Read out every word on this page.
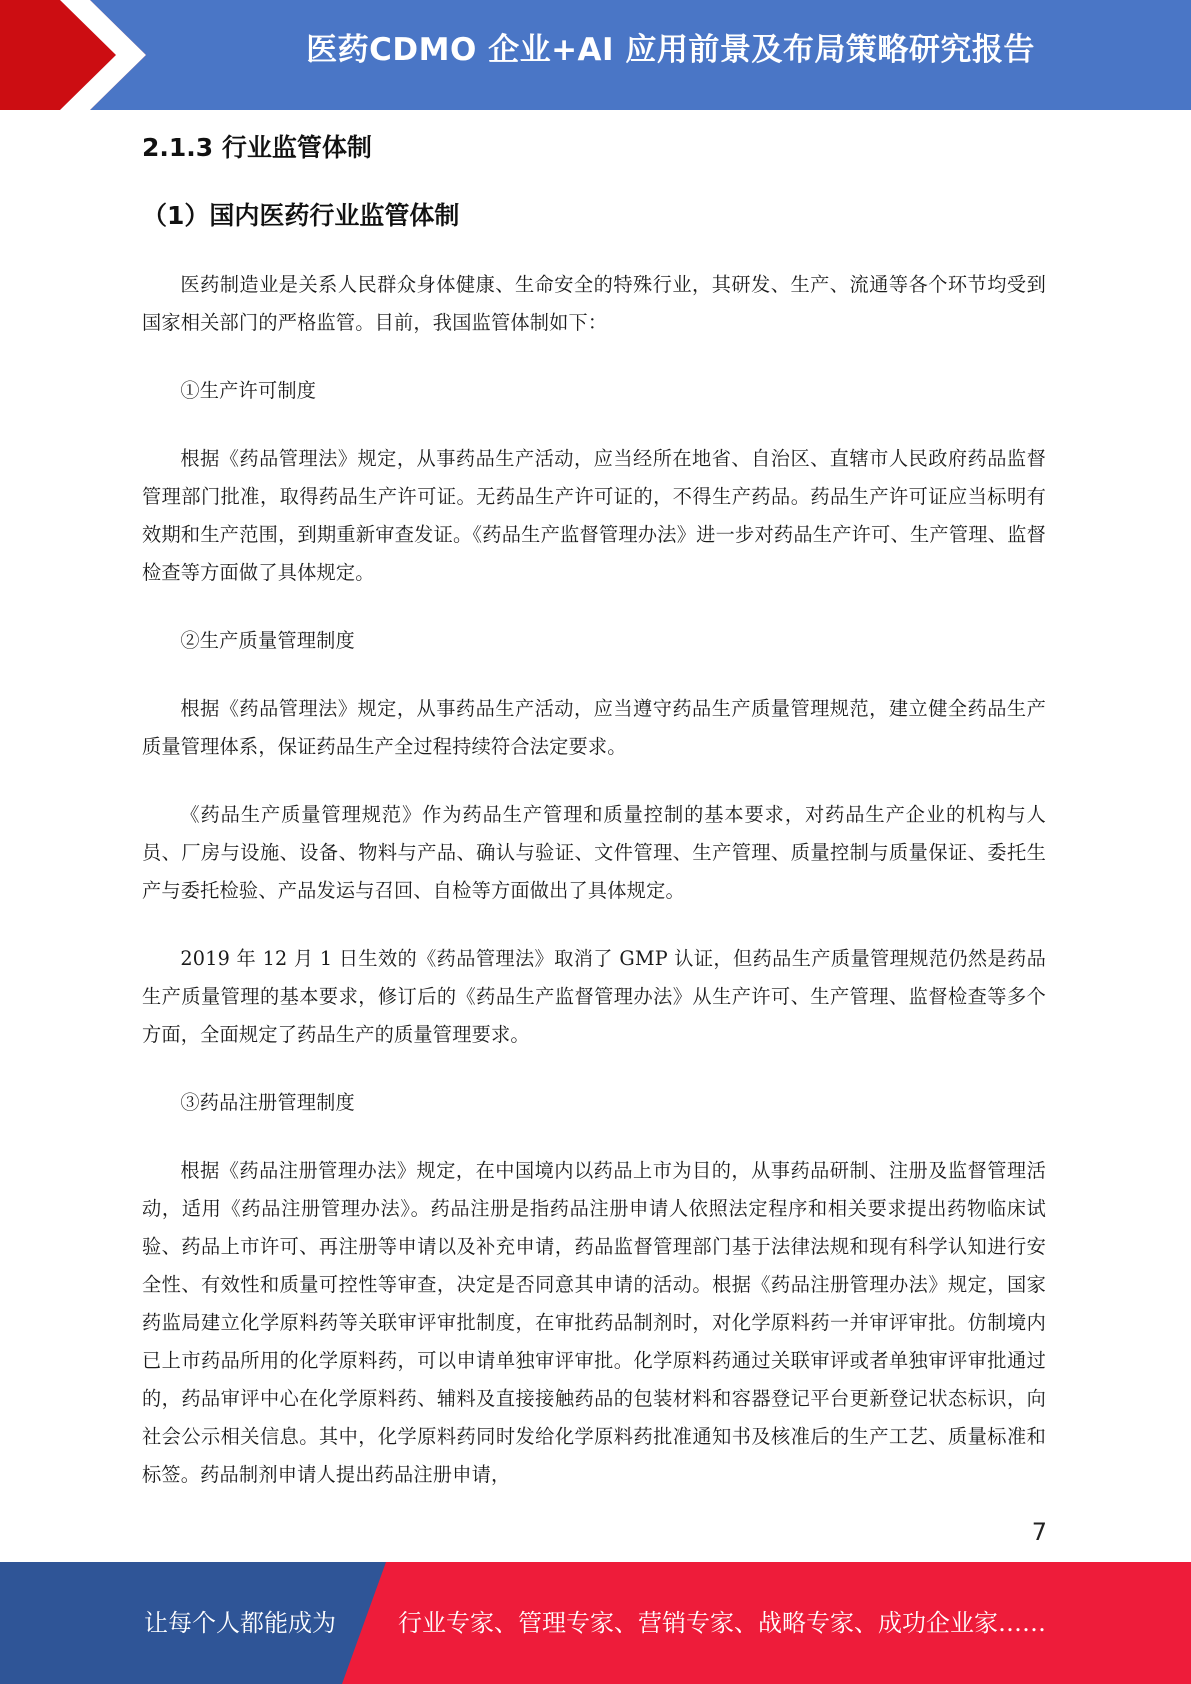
医药CDMO 企业+AI 应用前景及布局策略研究报告
2.1.3 行业监管体制
（1）国内医药行业监管体制

医药制造业是关系人民群众身体健康、生命安全的特殊行业，其研发、生产、流通等各个环节均受到国家相关部门的严格监管。目前，我国监管体制如下：

①生产许可制度

根据《药品管理法》规定，从事药品生产活动，应当经所在地省、自治区、直辖市人民政府药品监督管理部门批准，取得药品生产许可证。无药品生产许可证的，不得生产药品。药品生产许可证应当标明有效期和生产范围，到期重新审查发证。《药品生产监督管理办法》进一步对药品生产许可、生产管理、监督检查等方面做了具体规定。

②生产质量管理制度

根据《药品管理法》规定，从事药品生产活动，应当遵守药品生产质量管理规范，建立健全药品生产质量管理体系，保证药品生产全过程持续符合法定要求。

《药品生产质量管理规范》作为药品生产管理和质量控制的基本要求，对药品生产企业的机构与人员、厂房与设施、设备、物料与产品、确认与验证、文件管理、生产管理、质量控制与质量保证、委托生产与委托检验、产品发运与召回、自检等方面做出了具体规定。

2019 年 12 月 1 日生效的《药品管理法》取消了 GMP 认证，但药品生产质量管理规范仍然是药品生产质量管理的基本要求，修订后的《药品生产监督管理办法》从生产许可、生产管理、监督检查等多个方面，全面规定了药品生产的质量管理要求。

③药品注册管理制度

根据《药品注册管理办法》规定，在中国境内以药品上市为目的，从事药品研制、注册及监督管理活动，适用《药品注册管理办法》。药品注册是指药品注册申请人依照法定程序和相关要求提出药物临床试验、药品上市许可、再注册等申请以及补充申请，药品监督管理部门基于法律法规和现有科学认知进行安全性、有效性和质量可控性等审查，决定是否同意其申请的活动。根据《药品注册管理办法》规定，国家药监局建立化学原料药等关联审评审批制度，在审批药品制剂时，对化学原料药一并审评审批。仿制境内已上市药品所用的化学原料药，可以申请单独审评审批。化学原料药通过关联审评或者单独审评审批通过的，药品审评中心在化学原料药、辅料及直接接触药品的包装材料和容器登记平台更新登记状态标识，向社会公示相关信息。其中，化学原料药同时发给化学原料药批准通知书及核准后的生产工艺、质量标准和标签。药品制剂申请人提出药品注册申请，

7
让每个人都能成为	行业专家、管理专家、营销专家、战略专家、成功企业家……
